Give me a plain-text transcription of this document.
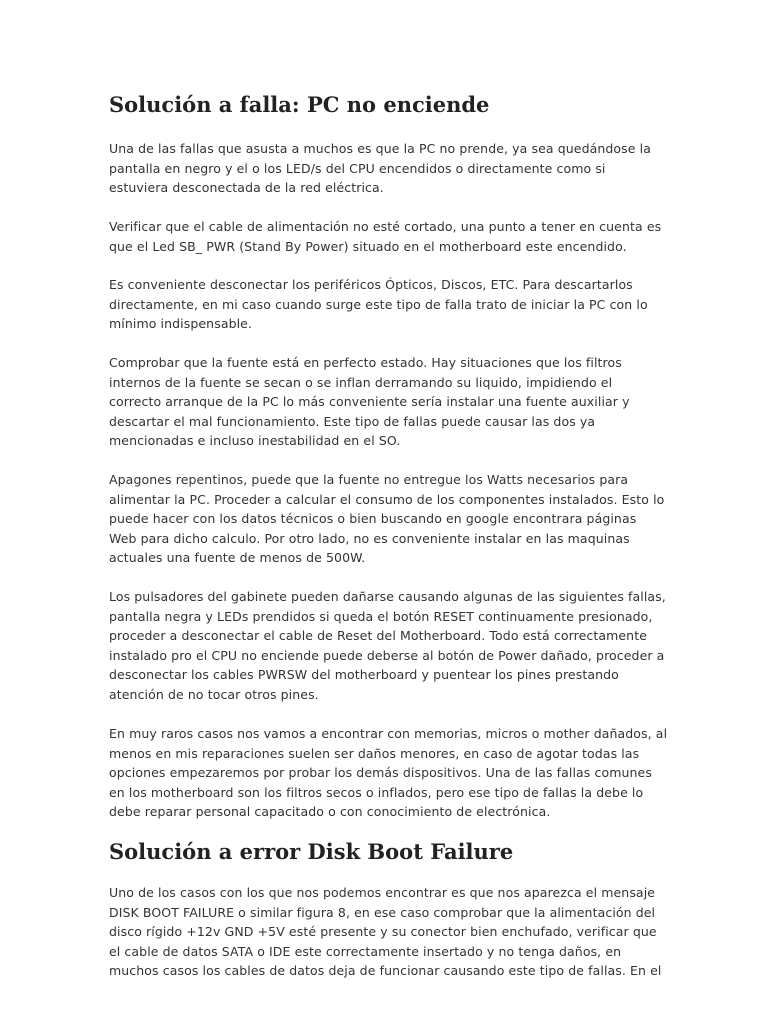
Solución a falla: PC no enciende

Una de las fallas que asusta a muchos es que la PC no prende, ya sea quedándose la
pantalla en negro y el o los LED/s del CPU encendidos o directamente como si
estuviera desconectada de la red eléctrica.

Verificar que el cable de alimentación no esté cortado, una punto a tener en cuenta es
que el Led SB_ PWR (Stand By Power) situado en el motherboard este encendido.

Es conveniente desconectar los periféricos Ópticos, Discos, ETC. Para descartarlos
directamente, en mi caso cuando surge este tipo de falla trato de iniciar la PC con lo
mínimo indispensable.

Comprobar que la fuente está en perfecto estado. Hay situaciones que los filtros
internos de la fuente se secan o se inflan derramando su liquido, impidiendo el
correcto arranque de la PC lo más conveniente sería instalar una fuente auxiliar y
descartar el mal funcionamiento. Este tipo de fallas puede causar las dos ya
mencionadas e incluso inestabilidad en el SO.

Apagones repentinos, puede que la fuente no entregue los Watts necesarios para
alimentar la PC. Proceder a calcular el consumo de los componentes instalados. Esto lo
puede hacer con los datos técnicos o bien buscando en google encontrara páginas
Web para dicho calculo. Por otro lado, no es conveniente instalar en las maquinas
actuales una fuente de menos de 500W.

Los pulsadores del gabinete pueden dañarse causando algunas de las siguientes fallas,
pantalla negra y LEDs prendidos si queda el botón RESET continuamente presionado,
proceder a desconectar el cable de Reset del Motherboard. Todo está correctamente
instalado pro el CPU no enciende puede deberse al botón de Power dañado, proceder a
desconectar los cables PWRSW del motherboard y puentear los pines prestando
atención de no tocar otros pines.

En muy raros casos nos vamos a encontrar con memorias, micros o mother dañados, al
menos en mis reparaciones suelen ser daños menores, en caso de agotar todas las
opciones empezaremos por probar los demás dispositivos. Una de las fallas comunes
en los motherboard son los filtros secos o inflados, pero ese tipo de fallas la debe lo
debe reparar personal capacitado o con conocimiento de electrónica.

Solución a error Disk Boot Failure

Uno de los casos con los que nos podemos encontrar es que nos aparezca el mensaje
DISK BOOT FAILURE o similar figura 8, en ese caso comprobar que la alimentación del
disco rígido +12v GND +5V esté presente y su conector bien enchufado, verificar que
el cable de datos SATA o IDE este correctamente insertado y no tenga daños, en
muchos casos los cables de datos deja de funcionar causando este tipo de fallas. En el
